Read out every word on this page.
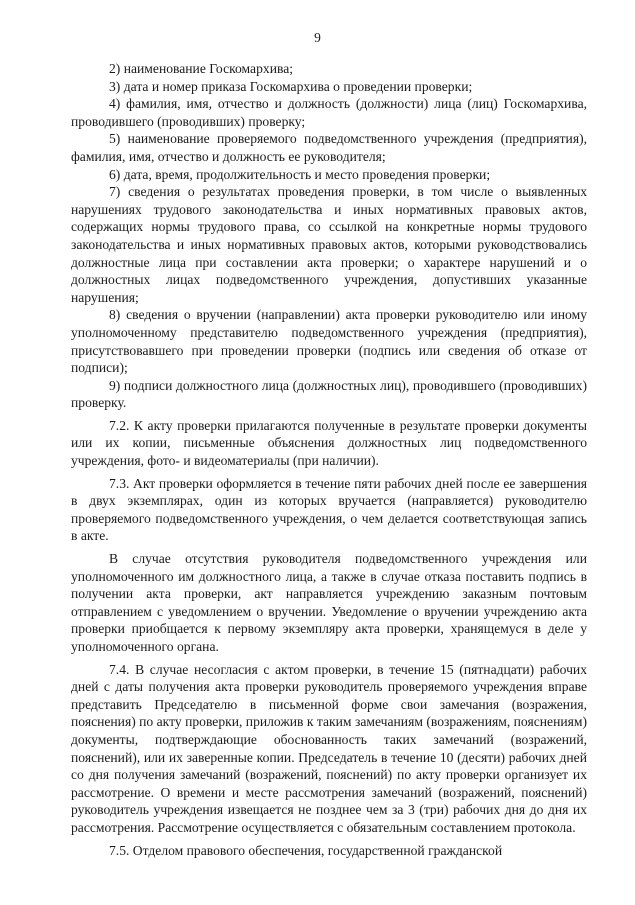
9

2) наименование Госкомархива;

3) дата и номер приказа Госкомархива о проведении проверки;

4) фамилия, имя, отчество и должность (должности) лица (лиц) Госкомархива, проводившего (проводивших) проверку;

5) наименование проверяемого подведомственного учреждения (предприятия), фамилия, имя, отчество и должность ее руководителя;

6) дата, время, продолжительность и место проведения проверки;

7) сведения о результатах проведения проверки, в том числе о выявленных нарушениях трудового законодательства и иных нормативных правовых актов, содержащих нормы трудового права, со ссылкой на конкретные нормы трудового законодательства и иных нормативных правовых актов, которыми руководствовались должностные лица при составлении акта проверки; о характере нарушений и о должностных лицах подведомственного учреждения, допустивших указанные нарушения;

8) сведения о вручении (направлении) акта проверки руководителю или иному уполномоченному представителю подведомственного учреждения (предприятия), присутствовавшего при проведении проверки (подпись или сведения об отказе от подписи);

9) подписи должностного лица (должностных лиц), проводившего (проводивших) проверку.

7.2. К акту проверки прилагаются полученные в результате проверки документы или их копии, письменные объяснения должностных лиц подведомственного учреждения, фото- и видеоматериалы (при наличии).

7.3. Акт проверки оформляется в течение пяти рабочих дней после ее завершения в двух экземплярах, один из которых вручается (направляется) руководителю проверяемого подведомственного учреждения, о чем делается соответствующая запись в акте.

В случае отсутствия руководителя подведомственного учреждения или уполномоченного им должностного лица, а также в случае отказа поставить подпись в получении акта проверки, акт направляется учреждению заказным почтовым отправлением с уведомлением о вручении. Уведомление о вручении учреждению акта проверки приобщается к первому экземпляру акта проверки, хранящемуся в деле у уполномоченного органа.

7.4. В случае несогласия с актом проверки, в течение 15 (пятнадцати) рабочих дней с даты получения акта проверки руководитель проверяемого учреждения вправе представить Председателю в письменной форме свои замечания (возражения, пояснения) по акту проверки, приложив к таким замечаниям (возражениям, пояснениям) документы, подтверждающие обоснованность таких замечаний (возражений, пояснений), или их заверенные копии. Председатель в течение 10 (десяти) рабочих дней со дня получения замечаний (возражений, пояснений) по акту проверки организует их рассмотрение. О времени и месте рассмотрения замечаний (возражений, пояснений) руководитель учреждения извещается не позднее чем за 3 (три) рабочих дня до дня их рассмотрения. Рассмотрение осуществляется с обязательным составлением протокола.

7.5. Отделом правового обеспечения, государственной гражданской
